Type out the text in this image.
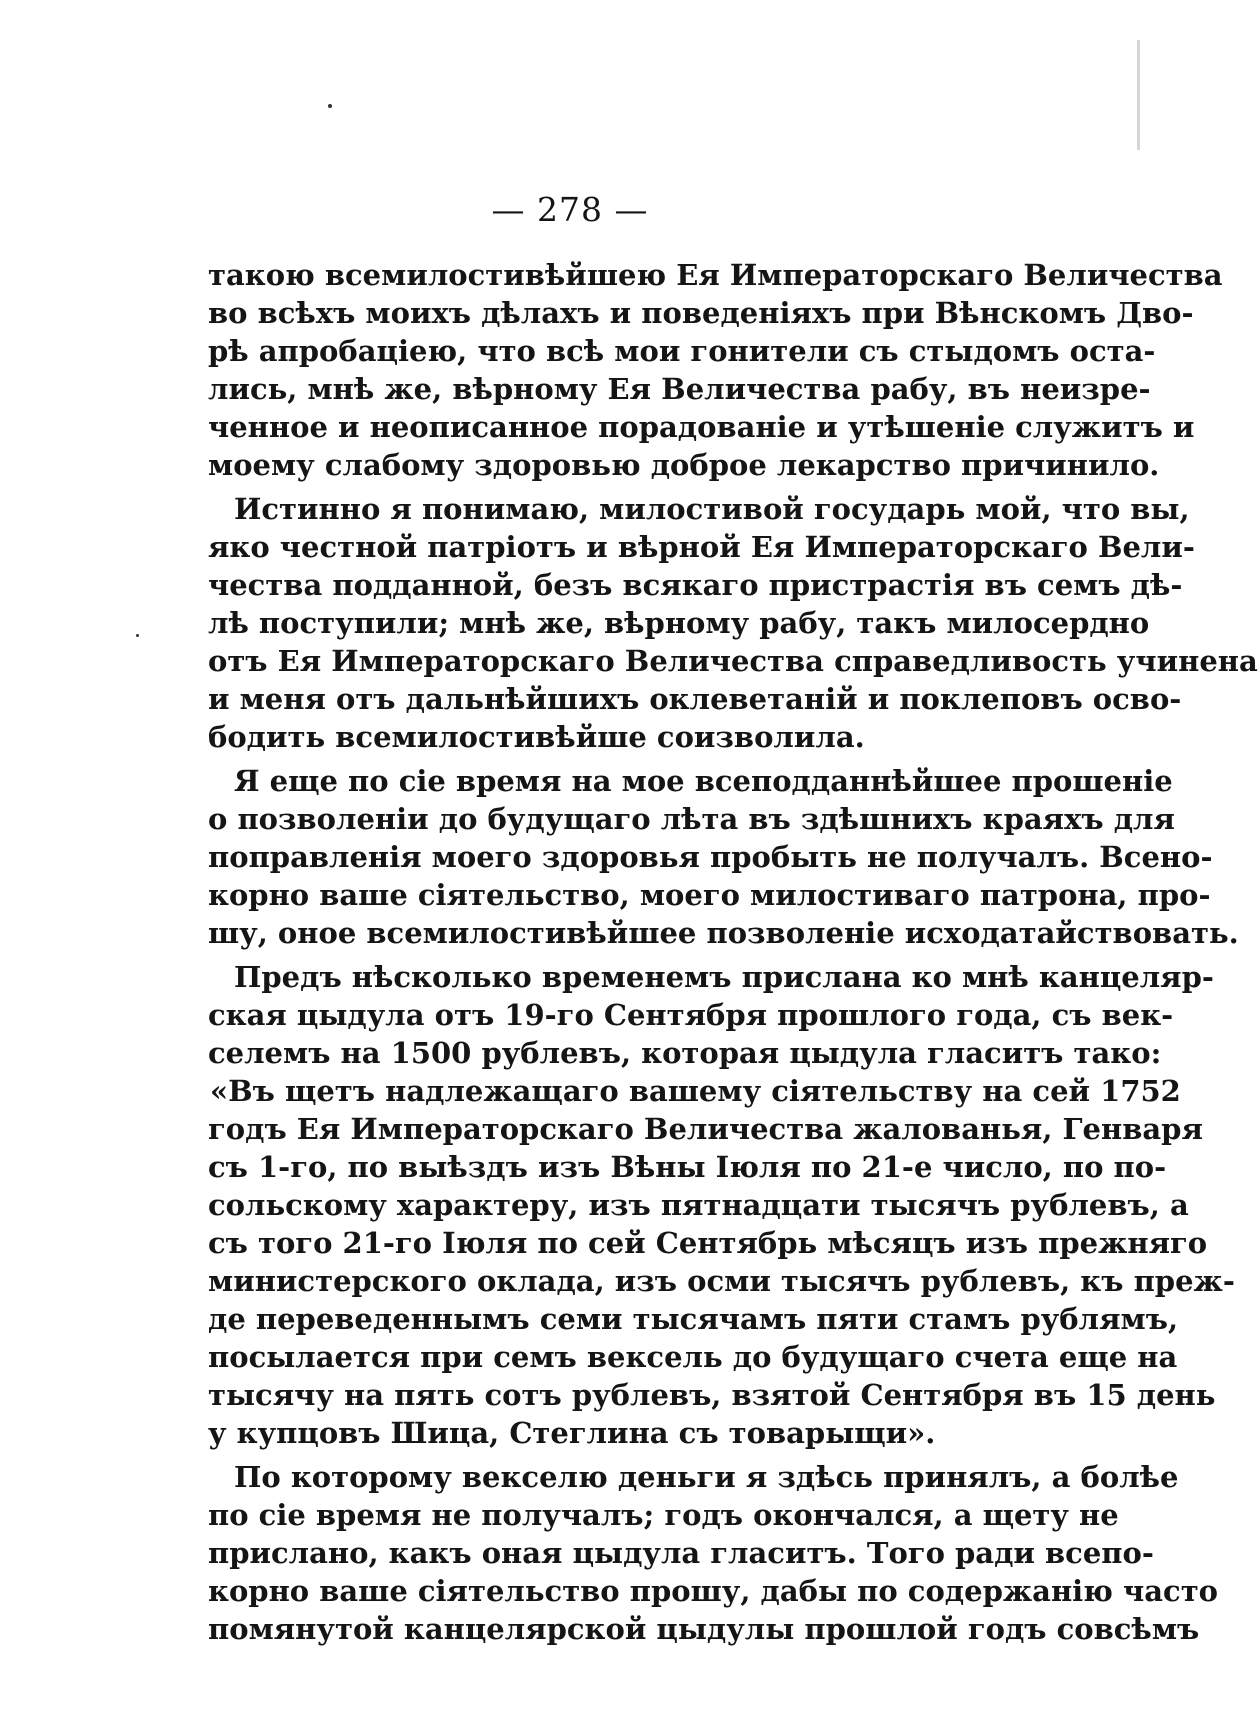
— 278 —
такою всемилостивѣйшею Ея Императорскаго Величества
во всѣхъ моихъ дѣлахъ и поведеніяхъ при Вѣнскомъ Дво-
рѣ апробаціею, что всѣ мои гонители съ стыдомъ оста-
лись, мнѣ же, вѣрному Ея Величества рабу, въ неизре-
ченное и неописанное порадованіе и утѣшеніе служитъ и
моему слабому здоровью доброе лекарство причинило.
Истинно я понимаю, милостивой государь мой, что вы,
яко честной патріотъ и вѣрной Ея Императорскаго Вели-
чества подданной, безъ всякаго пристрастія въ семъ дѣ-
лѣ поступили; мнѣ же, вѣрному рабу, такъ милосердно
отъ Ея Императорскаго Величества справедливость учинена
и меня отъ дальнѣйшихъ оклеветаній и поклеповъ осво-
бодить всемилостивѣйше соизволила.
Я еще по сіе время на мое всеподданнѣйшее прошеніе
о позволеніи до будущаго лѣта въ здѣшнихъ краяхъ для
поправленія моего здоровья пробыть не получалъ. Всено-
корно ваше сіятельство, моего милостиваго патрона, про-
шу, оное всемилостивѣйшее позволеніе исходатайствовать.
Предъ нѣсколько временемъ прислана ко мнѣ канцеляр-
ская цыдула отъ 19-го Сентября прошлого года, съ век-
селемъ на 1500 рублевъ, которая цыдула гласитъ тако:
«Въ щетъ надлежащаго вашему сіятельству на сей 1752
годъ Ея Императорскаго Величества жалованья, Генваря
съ 1-го, по выѣздъ изъ Вѣны Іюля по 21-е число, по по-
сольскому характеру, изъ пятнадцати тысячъ рублевъ, а
съ того 21-го Іюля по сей Сентябрь мѣсяцъ изъ прежняго
министерского оклада, изъ осми тысячъ рублевъ, къ преж-
де переведеннымъ семи тысячамъ пяти стамъ рублямъ,
посылается при семъ вексель до будущаго счета еще на
тысячу на пять сотъ рублевъ, взятой Сентября въ 15 день
у купцовъ Шица, Стеглина съ товарыщи».
По которому векселю деньги я здѣсь принялъ, а болѣе
по сіе время не получалъ; годъ окончался, а щету не
прислано, какъ оная цыдула гласитъ. Того ради всепо-
корно ваше сіятельство прошу, дабы по содержанію часто
помянутой канцелярской цыдулы прошлой годъ совсѣмъ
